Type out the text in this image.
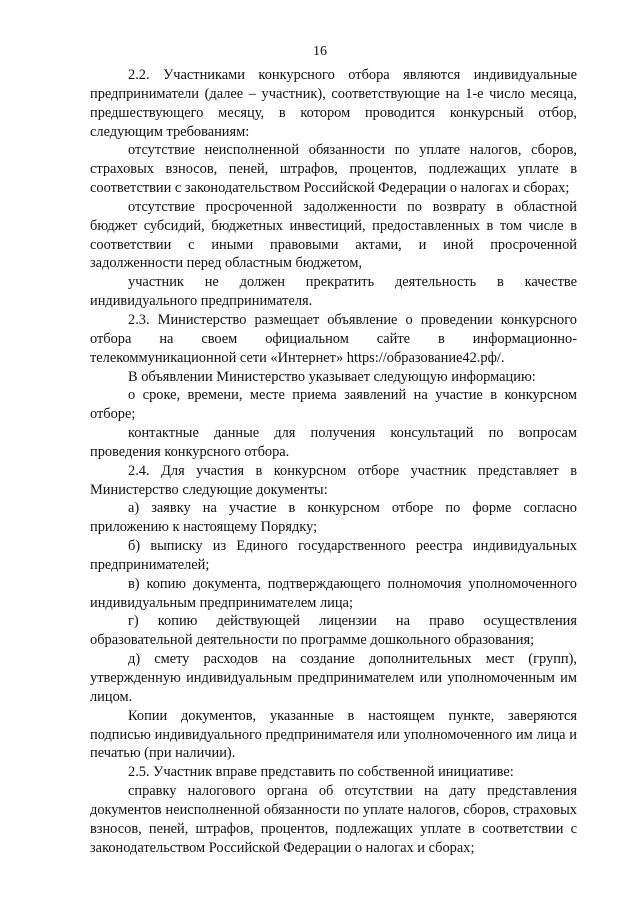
16

2.2. Участниками конкурсного отбора являются индивидуальные предприниматели (далее – участник), соответствующие на 1-е число месяца, предшествующего месяцу, в котором проводится конкурсный отбор, следующим требованиям:

отсутствие неисполненной обязанности по уплате налогов, сборов, страховых взносов, пеней, штрафов, процентов, подлежащих уплате в соответствии с законодательством Российской Федерации о налогах и сборах;

отсутствие просроченной задолженности по возврату в областной бюджет субсидий, бюджетных инвестиций, предоставленных в том числе в соответствии с иными правовыми актами, и иной просроченной задолженности перед областным бюджетом,

участник не должен прекратить деятельность в качестве индивидуального предпринимателя.

2.3. Министерство размещает объявление о проведении конкурсного отбора на своем официальном сайте в информационно-телекоммуникационной сети «Интернет» https://образование42.рф/.

В объявлении Министерство указывает следующую информацию:

о сроке, времени, месте приема заявлений на участие в конкурсном отборе;

контактные данные для получения консультаций по вопросам проведения конкурсного отбора.

2.4. Для участия в конкурсном отборе участник представляет в Министерство следующие документы:

а) заявку на участие в конкурсном отборе по форме согласно приложению к настоящему Порядку;

б) выписку из Единого государственного реестра индивидуальных предпринимателей;

в) копию документа, подтверждающего полномочия уполномоченного индивидуальным предпринимателем лица;

г) копию действующей лицензии на право осуществления образовательной деятельности по программе дошкольного образования;

д) смету расходов на создание дополнительных мест (групп), утвержденную индивидуальным предпринимателем или уполномоченным им лицом.

Копии документов, указанные в настоящем пункте, заверяются подписью индивидуального предпринимателя или уполномоченного им лица и печатью (при наличии).

2.5. Участник вправе представить по собственной инициативе:

справку налогового органа об отсутствии на дату представления документов неисполненной обязанности по уплате налогов, сборов, страховых взносов, пеней, штрафов, процентов, подлежащих уплате в соответствии с законодательством Российской Федерации о налогах и сборах;
